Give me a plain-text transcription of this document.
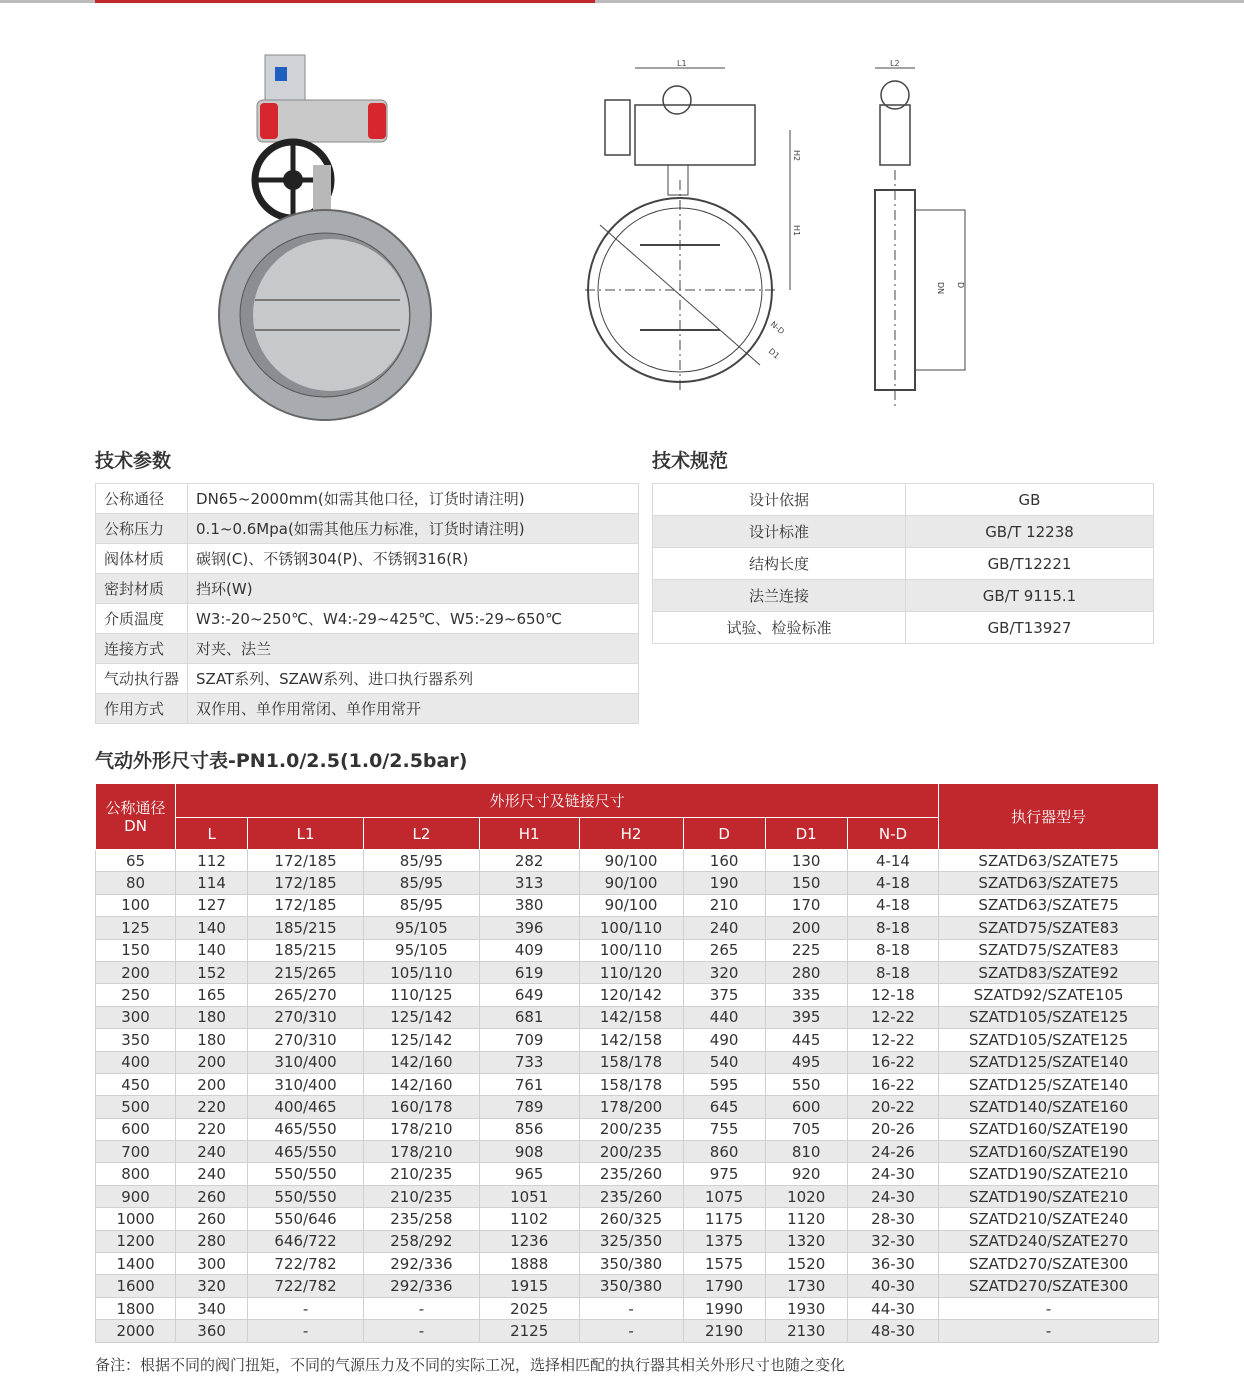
L1
H2
H1
N-D
D1
L2
DN D
技术参数	技术规范
公称通径	DN65~2000mm(如需其他口径，订货时请注明)
公称压力	0.1~0.6Mpa(如需其他压力标准，订货时请注明)
阀体材质	碳钢(C)、不锈钢304(P)、不锈钢316(R)
密封材质	挡环(W)
介质温度	W3:-20~250℃、W4:-29~425℃、W5:-29~650℃
连接方式	对夹、法兰
气动执行器	SZAT系列、SZAW系列、进口执行器系列
作用方式	双作用、单作用常闭、单作用常开
设计依据	GB
设计标准	GB/T 12238
结构长度	GB/T12221
法兰连接	GB/T 9115.1
试验、检验标准	GB/T13927
气动外形尺寸表-PN1.0/2.5(1.0/2.5bar)
公称通径DN	外形尺寸及链接尺寸								执行器型号
	L	L1	L2	H1	H2	D	D1	N-D	
65	112	172/185	85/95	282	90/100	160	130	4-14	SZATD63/SZATE75
80	114	172/185	85/95	313	90/100	190	150	4-18	SZATD63/SZATE75
100	127	172/185	85/95	380	90/100	210	170	4-18	SZATD63/SZATE75
125	140	185/215	95/105	396	100/110	240	200	8-18	SZATD75/SZATE83
150	140	185/215	95/105	409	100/110	265	225	8-18	SZATD75/SZATE83
200	152	215/265	105/110	619	110/120	320	280	8-18	SZATD83/SZATE92
250	165	265/270	110/125	649	120/142	375	335	12-18	SZATD92/SZATE105
300	180	270/310	125/142	681	142/158	440	395	12-22	SZATD105/SZATE125
350	180	270/310	125/142	709	142/158	490	445	12-22	SZATD105/SZATE125
400	200	310/400	142/160	733	158/178	540	495	16-22	SZATD125/SZATE140
450	200	310/400	142/160	761	158/178	595	550	16-22	SZATD125/SZATE140
500	220	400/465	160/178	789	178/200	645	600	20-22	SZATD140/SZATE160
600	220	465/550	178/210	856	200/235	755	705	20-26	SZATD160/SZATE190
700	240	465/550	178/210	908	200/235	860	810	24-26	SZATD160/SZATE190
800	240	550/550	210/235	965	235/260	975	920	24-30	SZATD190/SZATE210
900	260	550/550	210/235	1051	235/260	1075	1020	24-30	SZATD190/SZATE210
1000	260	550/646	235/258	1102	260/325	1175	1120	28-30	SZATD210/SZATE240
1200	280	646/722	258/292	1236	325/350	1375	1320	32-30	SZATD240/SZATE270
1400	300	722/782	292/336	1888	350/380	1575	1520	36-30	SZATD270/SZATE300
1600	320	722/782	292/336	1915	350/380	1790	1730	40-30	SZATD270/SZATE300
1800	340	-	-	2025	-	1990	1930	44-30	-
2000	360	-	-	2125	-	2190	2130	48-30	-

备注：根据不同的阀门扭矩，不同的气源压力及不同的实际工况，选择相匹配的执行器其相关外形尺寸也随之变化
